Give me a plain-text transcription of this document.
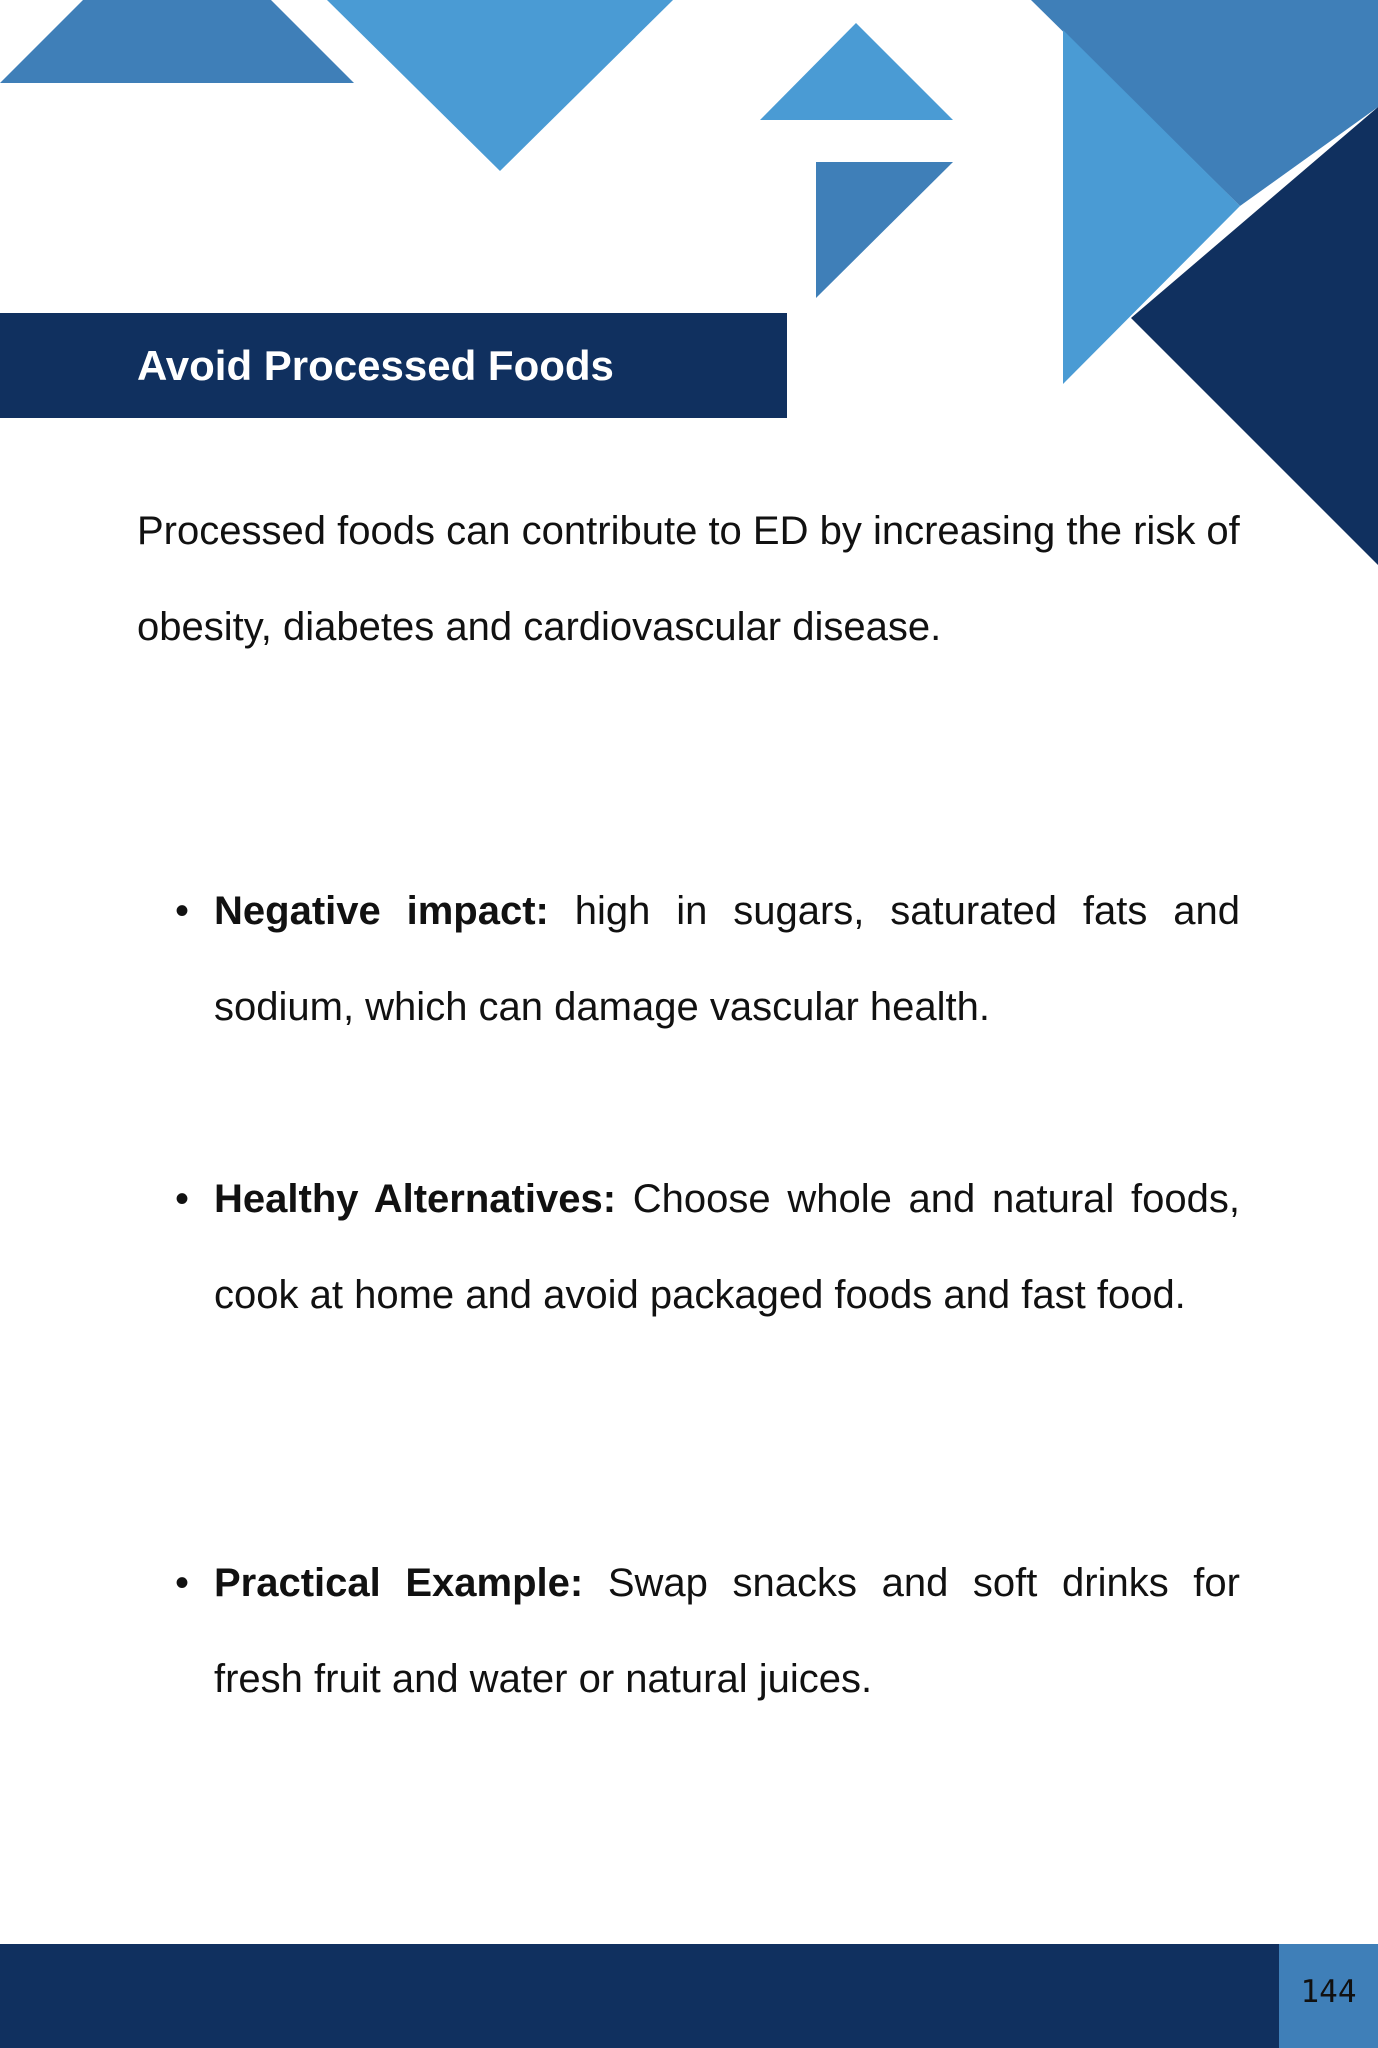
Avoid Processed Foods

Processed foods can contribute to ED by increasing the risk of obesity, diabetes and cardiovascular disease.

• Negative impact: high in sugars, saturated fats and sodium, which can damage vascular health.
• Healthy Alternatives: Choose whole and natural foods, cook at home and avoid packaged foods and fast food.
• Practical Example: Swap snacks and soft drinks for fresh fruit and water or natural juices.
144
